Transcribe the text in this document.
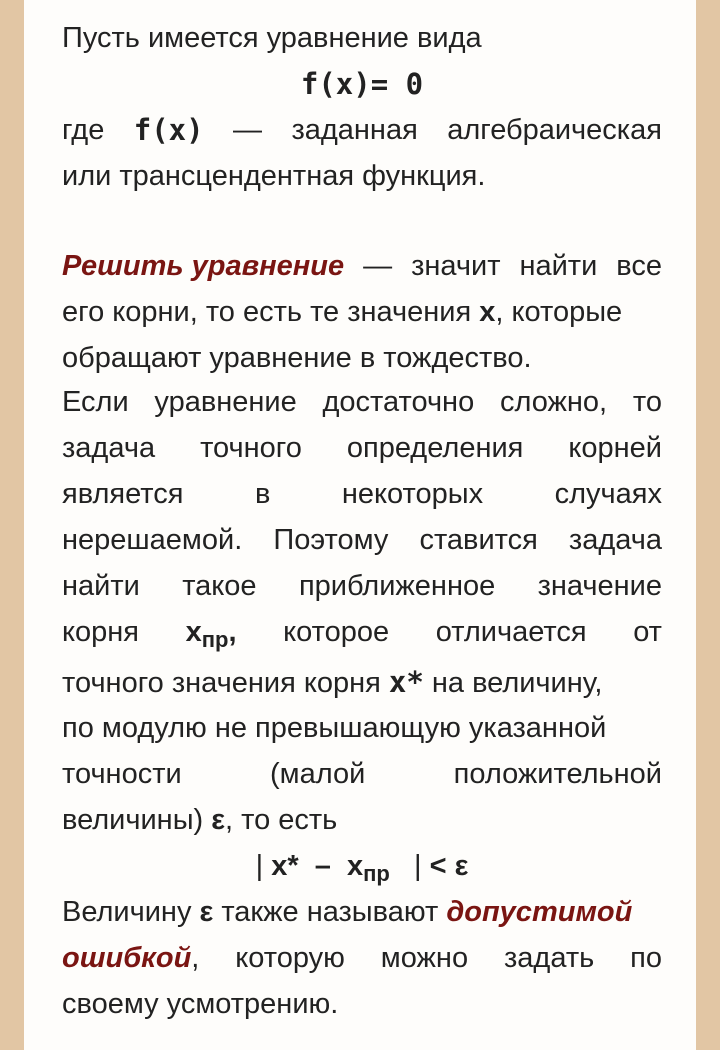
Пусть имеется уравнение вида
f(x)= 0
где f(x) — заданная алгебраическая
или трансцендентная функция.
Решить уравнение — значит найти все
его корни, то есть те значения x, которые
обращают уравнение в тождество.
Если уравнение достаточно сложно, то
задача точного определения корней
является в некоторых случаях
нерешаемой. Поэтому ставится задача
найти такое приближенное значение
корня $x_{пр}$, которое отличается от
точного значения корня x* на величину,
по модулю не превышающую указанной
точности	(малой	положительной
величины) ε, то есть
| $x* - x_{пр}$ | < ε
Величину ε также называют допустимой
ошибкой, которую можно задать по
своему усмотрению.
